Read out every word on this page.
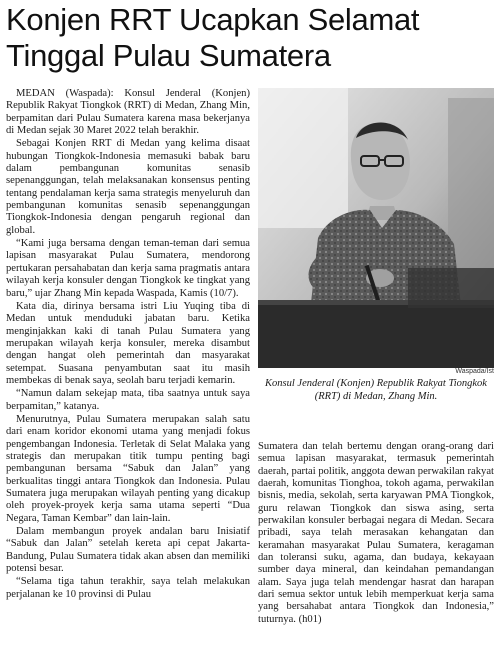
Konjen RRT Ucapkan Selamat Tinggal Pulau Sumatera

MEDAN (Waspada): Konsul Jenderal (Konjen) Republik Rakyat Tiongkok (RRT) di Medan, Zhang Min, berpamitan dari Pulau Sumatera karena masa bekerjanya di Medan sejak 30 Maret 2022 telah berakhir.

Sebagai Konjen RRT di Medan yang kelima disaat hubungan Tiongkok-Indonesia memasuki babak baru dalam pembangunan komunitas senasib sepenanggungan, telah melaksanakan konsensus penting tentang pendalaman kerja sama strategis menyeluruh dan pembangunan komunitas senasib sepenanggungan Tiongkok-Indonesia dengan pengaruh regional dan global.

“Kami juga bersama dengan teman-teman dari semua lapisan masyarakat Pulau Sumatera, mendorong pertukaran persahabatan dan kerja sama pragmatis antara wilayah kerja konsuler dengan Tiongkok ke tingkat yang baru,” ujar Zhang Min kepada Waspada, Kamis (10/7).

Kata dia, dirinya bersama istri Liu Yuqing tiba di Medan untuk menduduki jabatan baru. Ketika menginjakkan kaki di tanah Pulau Sumatera yang merupakan wilayah kerja konsuler, mereka disambut dengan hangat oleh pemerintah dan masyarakat setempat. Suasana penyambutan saat itu masih membekas di benak saya, seolah baru terjadi kemarin.

“Namun dalam sekejap mata, tiba saatnya untuk saya berpamitan,” katanya.

Menurutnya, Pulau Sumatera merupakan salah satu dari enam koridor ekonomi utama yang menjadi fokus pengembangan Indonesia. Terletak di Selat Malaka yang strategis dan merupakan titik tumpu penting bagi pembangunan bersama “Sabuk dan Jalan” yang berkualitas tinggi antara Tiongkok dan Indonesia. Pulau Sumatera juga merupakan wilayah penting yang dicakup oleh proyek-proyek kerja sama utama seperti “Dua Negara, Taman Kembar” dan lain-lain.

Dalam membangun proyek andalan baru Inisiatif “Sabuk dan Jalan” setelah kereta api cepat Jakarta-Bandung, Pulau Sumatera tidak akan absen dan memiliki potensi besar.

“Selama tiga tahun terakhir, saya telah melakukan perjalanan ke 10 provinsi di Pulau

Waspada/Ist
Konsul Jenderal (Konjen) Republik Rakyat Tiongkok (RRT) di Medan, Zhang Min.

Sumatera dan telah bertemu dengan orang-orang dari semua lapisan masyarakat, termasuk pemerintah daerah, partai politik, anggota dewan perwakilan rakyat daerah, komunitas Tionghoa, tokoh agama, perwakilan bisnis, media, sekolah, serta karyawan PMA Tiongkok, guru relawan Tiongkok dan siswa asing, serta perwakilan konsuler berbagai negara di Medan. Secara pribadi, saya telah merasakan kehangatan dan keramahan masyarakat Pulau Sumatera, keragaman dan toleransi suku, agama, dan budaya, kekayaan sumber daya mineral, dan keindahan pemandangan alam. Saya juga telah mendengar hasrat dan harapan dari semua sektor untuk lebih memperkuat kerja sama yang bersahabat antara Tiongkok dan Indonesia,” tuturnya. (h01)
